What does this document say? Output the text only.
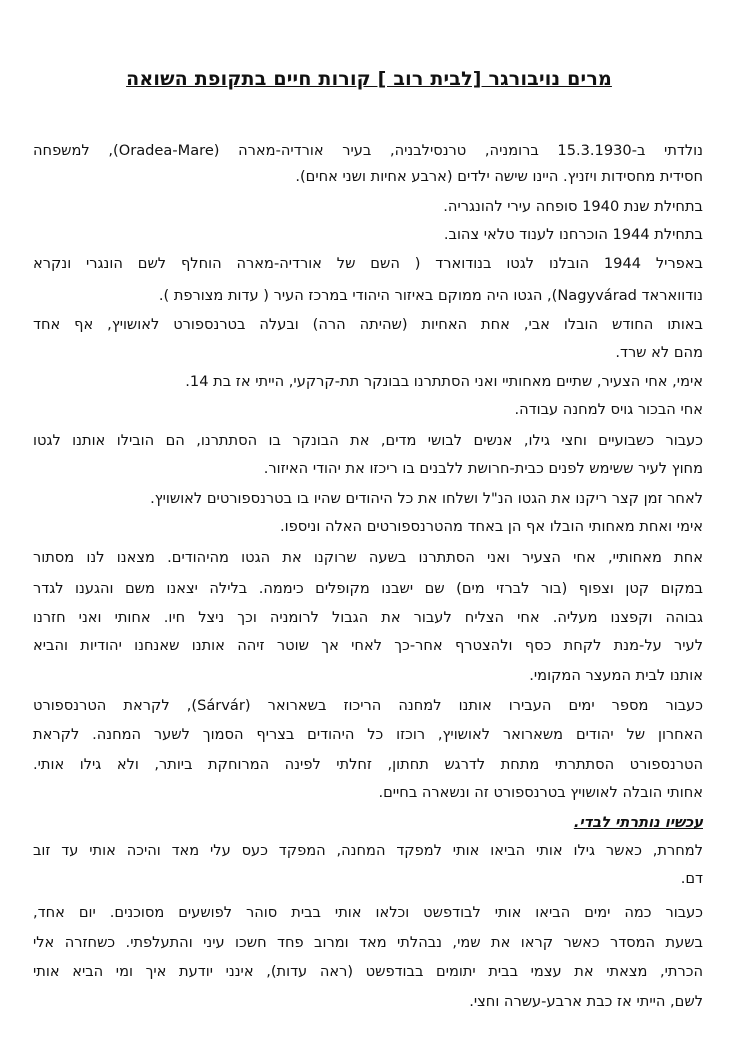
מרים נויבורגר [לבית רוב ] קורות חיים בתקופת השואה
נולדתי ב-15.3.1930 ברומניה, טרנסילבניה, בעיר אורדיה-מארה (Oradea-Mare), למשפחה
חסידית מחסידות ויזניץ. היינו שישה ילדים (ארבע אחיות ושני אחים).
בתחילת שנת 1940 סופחה עירי להונגריה.
בתחילת 1944 הוכרחנו לענוד טלאי צהוב.
באפריל 1944 הובלנו לגטו בנודוארד ( השם של אורדיה-מארה הוחלף לשם הונגרי ונקרא
נודוואראד Nagyvárad), הגטו היה ממוקם באיזור היהודי במרכז העיר ( עדות מצורפת ).
באותו החודש הובלו אבי, אחת האחיות (שהיתה הרה) ובעלה בטרנספורט לאושויץ, אף אחד
מהם לא שרד.
אימי, אחי הצעיר, שתיים מאחותיי ואני הסתתרנו בבונקר תת-קרקעי, הייתי אז בת 14.
אחי הבכור גויס למחנה עבודה.
כעבור כשבועיים וחצי גילו, אנשים לבושי מדים, את הבונקר בו הסתתרנו, הם הובילו אותנו לגטו
מחוץ לעיר ששימש לפנים כבית-חרושת ללבנים בו ריכזו את יהודי האיזור.
לאחר זמן קצר ריקנו את הגטו הנ"ל ושלחו את כל היהודים שהיו בו בטרנספורטים לאושויץ.
אימי ואחת מאחותי הובלו אף הן באחד מהטרנספורטים האלה וניספו.
אחת מאחותיי, אחי הצעיר ואני הסתתרנו בשעה שרוקנו את הגטו מהיהודים. מצאנו לנו מסתור
במקום קטן וצפוף (בור לברזי מים) שם ישבנו מקופלים כיממה. בלילה יצאנו משם והגענו לגדר
גבוהה וקפצנו מעליה. אחי הצליח לעבור את הגבול לרומניה וכך ניצל חיו. אחותי ואני חזרנו
לעיר על-מנת לקחת כסף ולהצטרף אחר-כך לאחי אך שוטר זיהה אותנו שאנחנו יהודיות והביא
אותנו לבית המעצר המקומי.
כעבור מספר ימים העבירו אותנו למחנה הריכוז בשארואר (Sárvár), לקראת הטרנספורט
האחרון של יהודים משארואר לאושויץ, רוכזו כל היהודים בצריף הסמוך לשער המחנה. לקראת
הטרנספורט הסתתרתי מתחת לדרגש תחתון, זחלתי לפינה המרוחקת ביותר, ולא גילו אותי.
אחותי הובלה לאושויץ בטרנספורט זה ונשארה בחיים.
עכשיו נותרתי לבדי.
למחרת, כאשר גילו אותי הביאו אותי למפקד המחנה, המפקד כעס עלי מאד והיכה אותי עד זוב
דם.
כעבור כמה ימים הביאו אותי לבודפשט וכלאו אותי בבית סוהר לפושעים מסוכנים. יום אחד,
בשעת המסדר כאשר קראו את שמי, נבהלתי מאד ומרוב פחד חשכו עיני והתעלפתי. כשחזרה אלי
הכרתי, מצאתי את עצמי בבית יתומים בבודפשט (ראה עדות), אינני יודעת איך ומי הביא אותי
לשם, הייתי אז כבת ארבע-עשרה וחצי.
